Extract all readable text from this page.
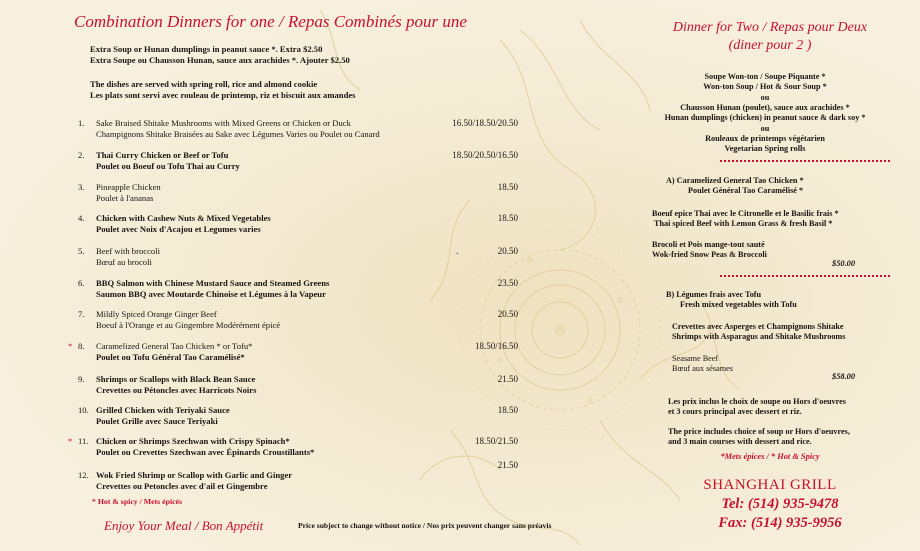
Combination Dinners for one / Repas Combinés pour une
Extra Soup or Hunan dumplings in peanut sauce *. Extra $2.50
Extra Soupe ou Chausson Hunan, sauce aux arachides *. Ajouter $2.50
The dishes are served with spring roll, rice and almond cookie
Les plats sont servi avec rouleau de printemp, riz et biscuit aux amandes
1.	Sake Braised Shitake Mushrooms with Mixed Greens or Chicken or Duck
Champignons Shitake Braisées au Sake avec Légumes Varies ou Poulet ou Canard
16.50/18.50/20.50
2.	Thai Curry Chicken or Beef or Tofu
Poulet ou Boeuf ou Tofu Thai au Curry
18.50/20.50/16.50
3.	Pineapple Chicken
Poulet à l'ananas
18.50
4.	Chicken with Cashew Nuts & Mixed Vegetables
Poulet avec Noix d'Acajou et Legumes varies
18.50
5.	Beef with broccoli
Bœuf au brocoli
.	20.50
6.	BBQ Salmon with Chinese Mustard Sauce and Steamed Greens
Saumon BBQ avec Moutarde Chinoise et Légumes à la Vapeur
23.50
7.	Mildly Spiced Orange Ginger Beef
Boeuf à l'Orange et au Gingembre Modérément épicé
20.50
* 8.	Caramelized General Tao Chicken * or Tofu*
Poulet ou Tofu Général Tao Caramélisé*
18.50/16.50
9.	Shrimps or Scallops with Black Bean Sauce
Crevettes ou Pétoncles avec Harricots Noirs
21.50
10. Grilled Chicken with Teriyaki Sauce
Poulet Grille avec Sauce Teriyaki
18.50
* 11. Chicken or Shrimps Szechwan with Crispy Spinach*
Poulet ou Crevettes Szechwan avec Épinards Croustillants*
18.50/21.50
12. Wok Fried Shrimp or Scallop with Garlic and Ginger
Crevettes ou Petoncles avec d'ail et Gingembre
21.50
* Hot & spicy / Mets épicés
Enjoy Your Meal / Bon Appétit	Price subject to change without notice / Nos prix peuvent changer sans préavis
Dinner for Two / Repas pour Deux
(diner pour 2 )
Soupe Won-ton / Soupe Piquante *
Won-ton Soup / Hot & Sour Soup *
ou
Chausson Hunan (poulet), sauce aux arachides *
Hunan dumplings (chicken) in peanut sauce & dark soy *
ou
Rouleaux de printemps végétarien
Vegetarian Spring rolls
A) Caramelized General Tao Chicken *
Poulet Général Tao Caramélisé *
Boeuf epice Thai avec le Citronelle et le Basilic frais *
Thai spiced Beef with Lemon Grass & fresh Basil *
Brocoli et Pois mange-tout sauté
Wok-fried Snow Peas & Broccoli
$50.00
B) Légumes frais avec Tofu
Fresh mixed vegetables with Tofu
Crevettes avec Asperges et Champignons Shitake
Shrimps with Asparagus and Shitake Mushrooms
Seasame Beef
Bœuf aux sésames
$58.00
Les prix inclus le choix de soupe ou Hors d'oeuvres
et 3 cours principal avec dessert et riz.
The price includes choice of soup or Hors d'oeuvres,
and 3 main courses with dessert and rice.
*Mets épices / * Hot & Spicy
SHANGHAI GRILL
Tel: (514) 935-9478
Fax: (514) 935-9956
